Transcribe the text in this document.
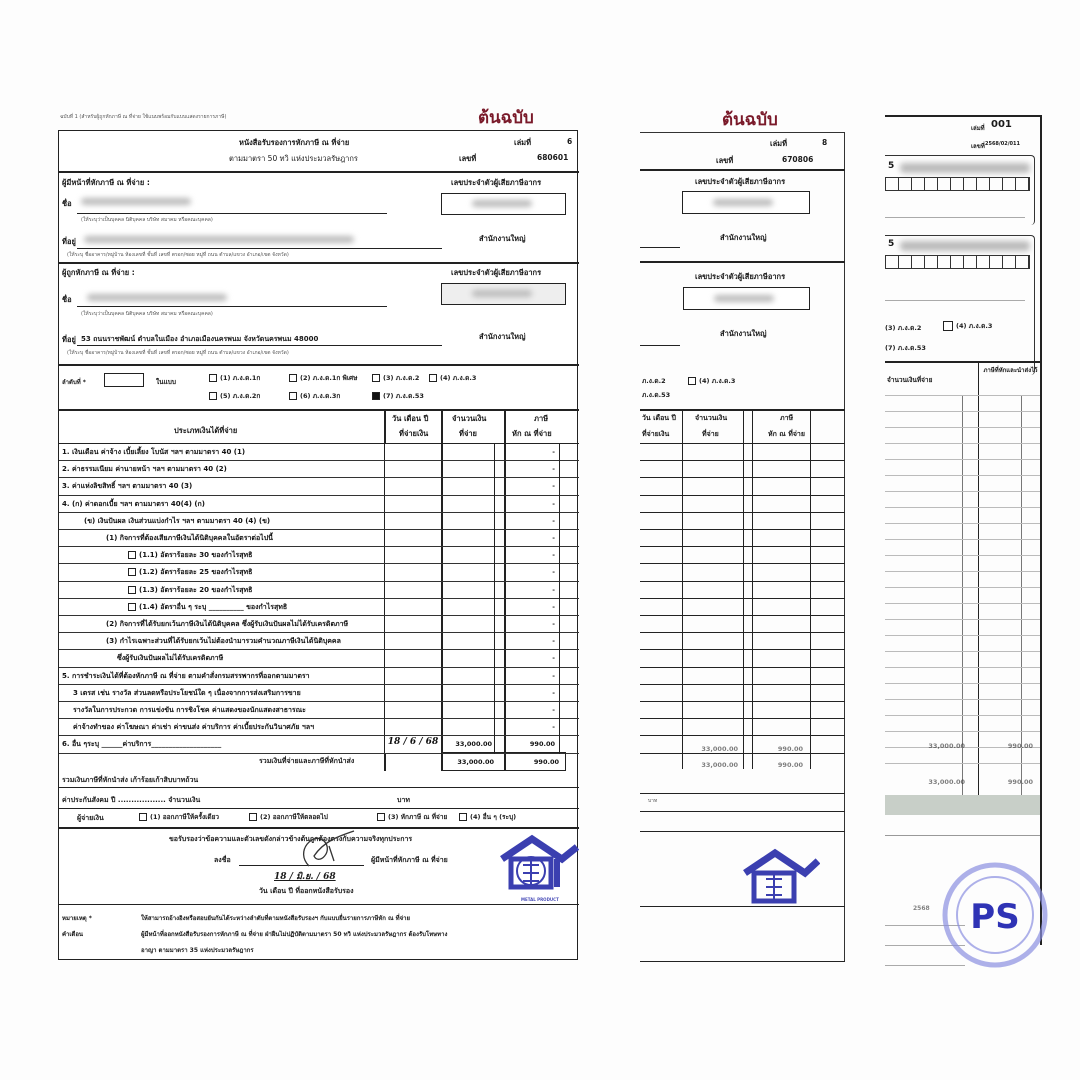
ฉบับที่ 1 (สำหรับผู้ถูกหักภาษี ณ ที่จ่าย ใช้แนบพร้อมกับแบบแสดงรายการภาษี)	ต้นฉบับ
หนังสือรับรองการหักภาษี ณ ที่จ่าย
ตามมาตรา 50 ทวิ แห่งประมวลรัษฎากร
เล่มที่	6
เลขที่	680601
ผู้มีหน้าที่หักภาษี ณ ที่จ่าย :	เลขประจำตัวผู้เสียภาษีอากร
ชื่อ
(ให้ระบุว่าเป็นบุคคล นิติบุคคล บริษัท สมาคม หรือคณะบุคคล)
ที่อยู่	สำนักงานใหญ่
(ให้ระบุ ชื่ออาคาร/หมู่บ้าน ห้องเลขที่ ชั้นที่ เลขที่ ตรอก/ซอย หมู่ที่ ถนน ตำบล/แขวง อำเภอ/เขต จังหวัด)
ผู้ถูกหักภาษี ณ ที่จ่าย :	เลขประจำตัวผู้เสียภาษีอากร
ชื่อ
(ให้ระบุว่าเป็นบุคคล นิติบุคคล บริษัท สมาคม หรือคณะบุคคล)
ที่อยู่ 53 ถนนราชพัฒน์ ตำบลในเมือง อำเภอเมืองนครพนม จังหวัดนครพนม 48000	สำนักงานใหญ่
(ให้ระบุ ชื่ออาคาร/หมู่บ้าน ห้องเลขที่ ชั้นที่ เลขที่ ตรอก/ซอย หมู่ที่ ถนน ตำบล/แขวง อำเภอ/เขต จังหวัด)
ลำดับที่ *	ในแบบ	(1) ภ.ง.ด.1ก	(2) ภ.ง.ด.1ก พิเศษ	(3) ภ.ง.ด.2	(4) ภ.ง.ด.3
(5) ภ.ง.ด.2ก	(6) ภ.ง.ด.3ก	(7) ภ.ง.ด.53
ประเภทเงินได้ที่จ่าย
วัน เดือน ปี
ที่จ่ายเงิน
จำนวนเงิน
ที่จ่าย
ภาษี
หัก ณ ที่จ่าย
1. เงินเดือน ค่าจ้าง เบี้ยเลี้ยง โบนัส ฯลฯ ตามมาตรา 40 (1)	-
2. ค่าธรรมเนียม ค่านายหน้า ฯลฯ ตามมาตรา 40 (2)	-
3. ค่าแห่งลิขสิทธิ์ ฯลฯ ตามมาตรา 40 (3)	-
4. (ก) ค่าดอกเบี้ย ฯลฯ ตามมาตรา 40(4) (ก)	-
(ข) เงินปันผล เงินส่วนแบ่งกำไร ฯลฯ ตามมาตรา 40 (4) (ข)	-
(1) กิจการที่ต้องเสียภาษีเงินได้นิติบุคคลในอัตราต่อไปนี้	-
(1.1) อัตราร้อยละ 30 ของกำไรสุทธิ	-
(1.2) อัตราร้อยละ 25 ของกำไรสุทธิ	-
(1.3) อัตราร้อยละ 20 ของกำไรสุทธิ	-
(1.4) อัตราอื่น ๆ ระบุ __________ ของกำไรสุทธิ	-
(2) กิจการที่ได้รับยกเว้นภาษีเงินได้นิติบุคคล ซึ่งผู้รับเงินปันผลไม่ได้รับเครดิตภาษี	-
(3) กำไรเฉพาะส่วนที่ได้รับยกเว้นไม่ต้องนำมารวมคำนวณภาษีเงินได้นิติบุคคล	-
ซึ่งผู้รับเงินปันผลไม่ได้รับเครดิตภาษี	-
5. การชำระเงินได้ที่ต้องหักภาษี ณ ที่จ่าย ตามคำสั่งกรมสรรพากรที่ออกตามมาตรา	-
3 เตรส เช่น รางวัล ส่วนลดหรือประโยชน์ใด ๆ เนื่องจากการส่งเสริมการขาย	-
รางวัลในการประกวด การแข่งขัน การชิงโชค ค่าแสดงของนักแสดงสาธารณะ	-
ค่าจ้างทำของ ค่าโฆษณา ค่าเช่า ค่าขนส่ง ค่าบริการ ค่าเบี้ยประกันวินาศภัย ฯลฯ	-
6. อื่น ๆระบุ ______ค่าบริการ____________________	18 / 6 / 68	33,000.00	990.00
รวมเงินที่จ่ายและภาษีที่หักนำส่ง	33,000.00	990.00
รวมเงินภาษีที่หักนำส่ง เก้าร้อยเก้าสิบบาทถ้วน
ค่าประกันสังคม ปี .................. จำนวนเงิน	บาท
ผู้จ่ายเงิน	(1) ออกภาษีให้ครั้งเดียว	(2) ออกภาษีให้ตลอดไป	(3) หักภาษี ณ ที่จ่าย	(4) อื่น ๆ (ระบุ)
ขอรับรองว่าข้อความและตัวเลขดังกล่าวข้างต้นถูกต้องตรงกับความจริงทุกประการ
ลงชื่อ	ผู้มีหน้าที่หักภาษี ณ ที่จ่าย
18 / มิ.ย. / 68
วัน เดือน ปี ที่ออกหนังสือรับรอง
METAL PRODUCT
หมายเหตุ *	ให้สามารถอ้างอิงหรือสอบยันกันได้ระหว่างลำดับที่ตามหนังสือรับรองฯ กับแบบยื่นรายการภาษีหัก ณ ที่จ่าย
คำเตือน	ผู้มีหน้าที่ออกหนังสือรับรองการหักภาษี ณ ที่จ่าย ฝ่าฝืนไม่ปฏิบัติตามมาตรา 50 ทวิ แห่งประมวลรัษฎากร ต้องรับโทษทาง
อาญา ตามมาตรา 35 แห่งประมวลรัษฎากร
ต้นฉบับ
เล่มที่	8
เลขที่	670806
เลขประจำตัวผู้เสียภาษีอากร
สำนักงานใหญ่
เลขประจำตัวผู้เสียภาษีอากร
สำนักงานใหญ่
ภ.ง.ด.2	(4) ภ.ง.ด.3
ภ.ง.ด.53
วัน เดือน ปี
ที่จ่ายเงิน
จำนวนเงิน
ที่จ่าย
ภาษี
หัก ณ ที่จ่าย
33,000.00	990.00
33,000.00	990.00
บาท
เล่มที่ 001
เลขที่ 2568/02/011
5
5
(3) ภ.ง.ด.2	(4) ภ.ง.ด.3
(7) ภ.ง.ด.53
จำนวนเงินที่จ่าย
ภาษีที่หักและนำส่งไว้
33,000.00	990.00
33,000.00	990.00
2568 PS
